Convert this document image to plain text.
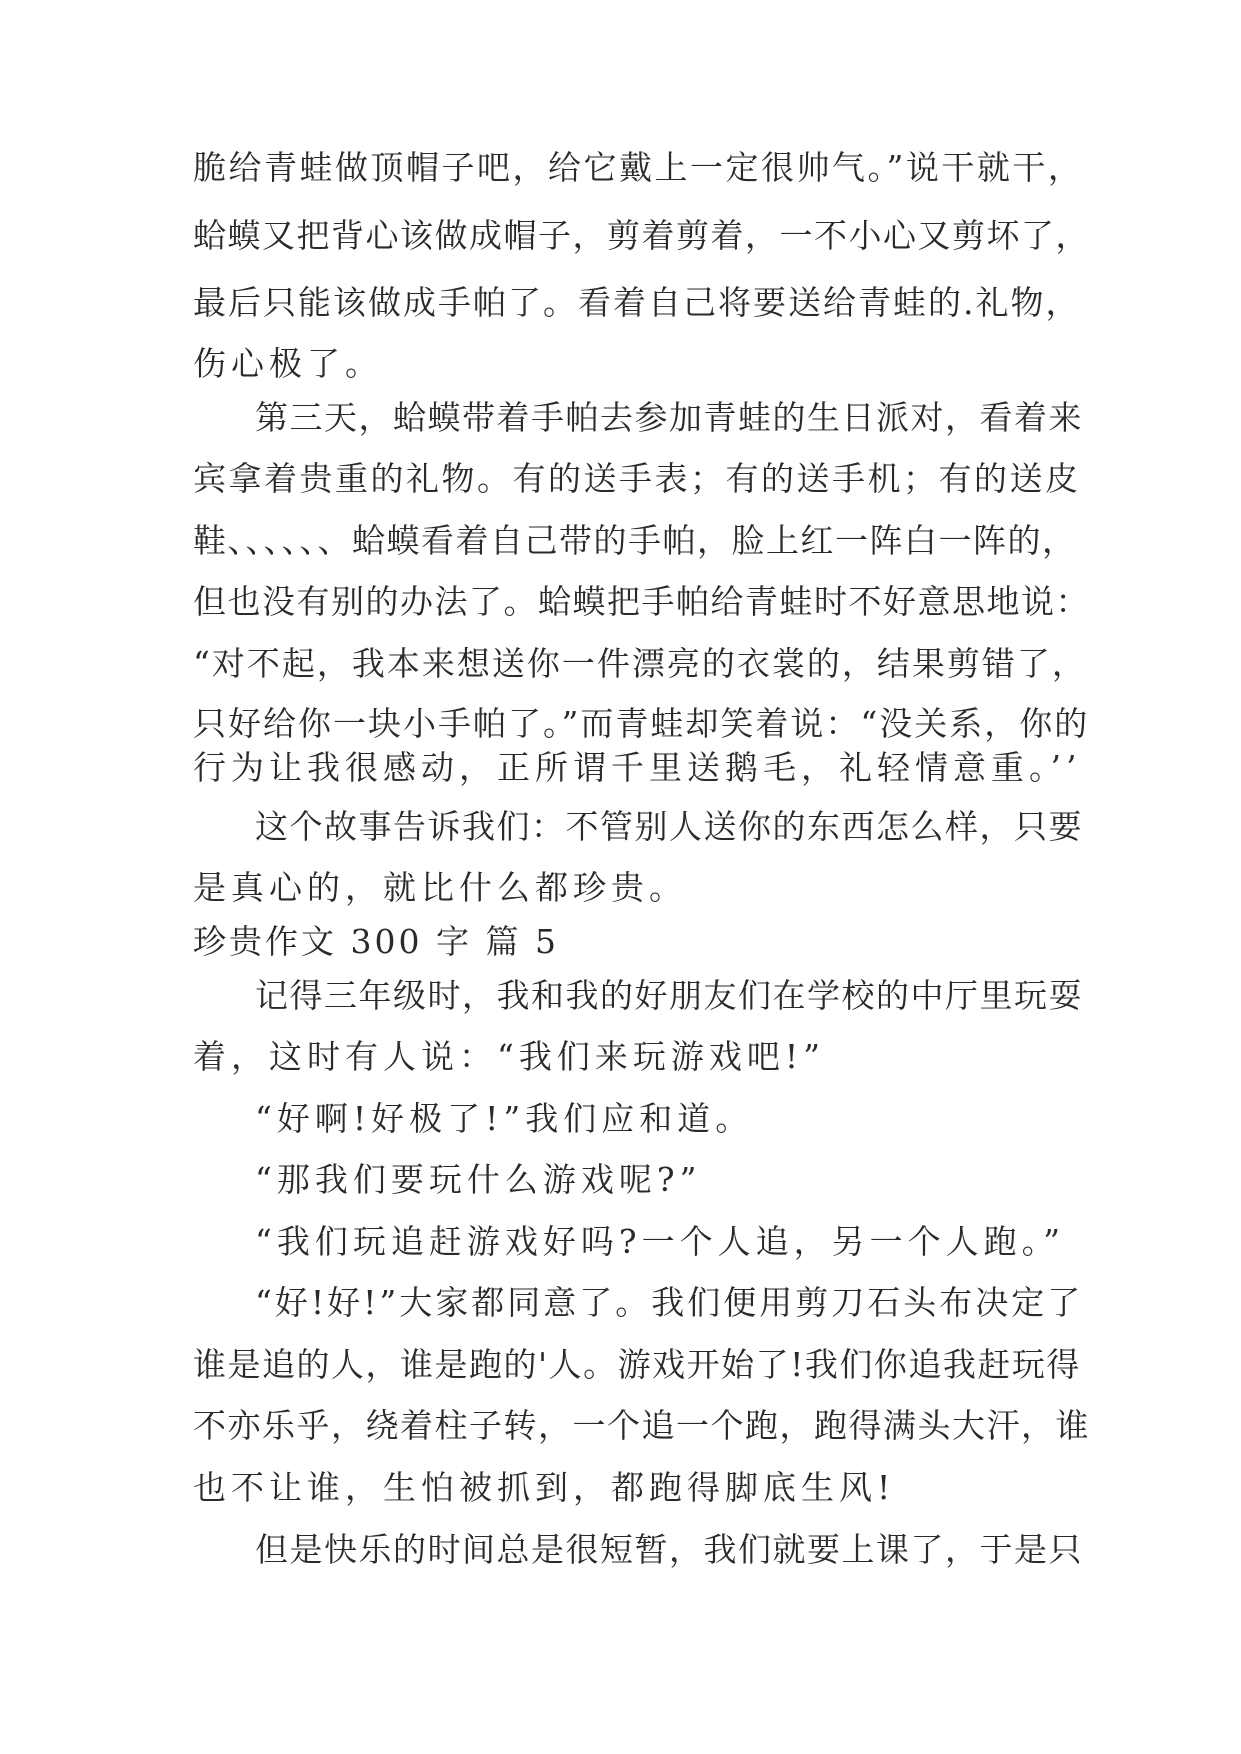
脆给青蛙做顶帽子吧，给它戴上一定很帅气。”说干就干，

蛤蟆又把背心该做成帽子，剪着剪着，一不小心又剪坏了，

最后只能该做成手帕了。看着自己将要送给青蛙的.礼物，

伤心极了。

第三天，蛤蟆带着手帕去参加青蛙的生日派对，看着来

宾拿着贵重的礼物。有的送手表；有的送手机；有的送皮

鞋、、、、、、蛤蟆看着自己带的手帕，脸上红一阵白一阵的，

但也没有别的办法了。蛤蟆把手帕给青蛙时不好意思地说：

“对不起，我本来想送你一件漂亮的衣裳的，结果剪错了，

只好给你一块小手帕了。”而青蛙却笑着说：“没关系，你的

行为让我很感动，正所谓千里送鹅毛，礼轻情意重。’’

这个故事告诉我们：不管别人送你的东西怎么样，只要

是真心的，就比什么都珍贵。

珍贵作文 300 字 篇 5

记得三年级时，我和我的好朋友们在学校的中厅里玩耍

着，这时有人说：“我们来玩游戏吧!”

“好啊!好极了!”我们应和道。

“那我们要玩什么游戏呢?”

“我们玩追赶游戏好吗?一个人追，另一个人跑。”

“好!好!”大家都同意了。我们便用剪刀石头布决定了

谁是追的人，谁是跑的'人。游戏开始了!我们你追我赶玩得

不亦乐乎，绕着柱子转，一个追一个跑，跑得满头大汗，谁

也不让谁，生怕被抓到，都跑得脚底生风!

但是快乐的时间总是很短暂，我们就要上课了，于是只
